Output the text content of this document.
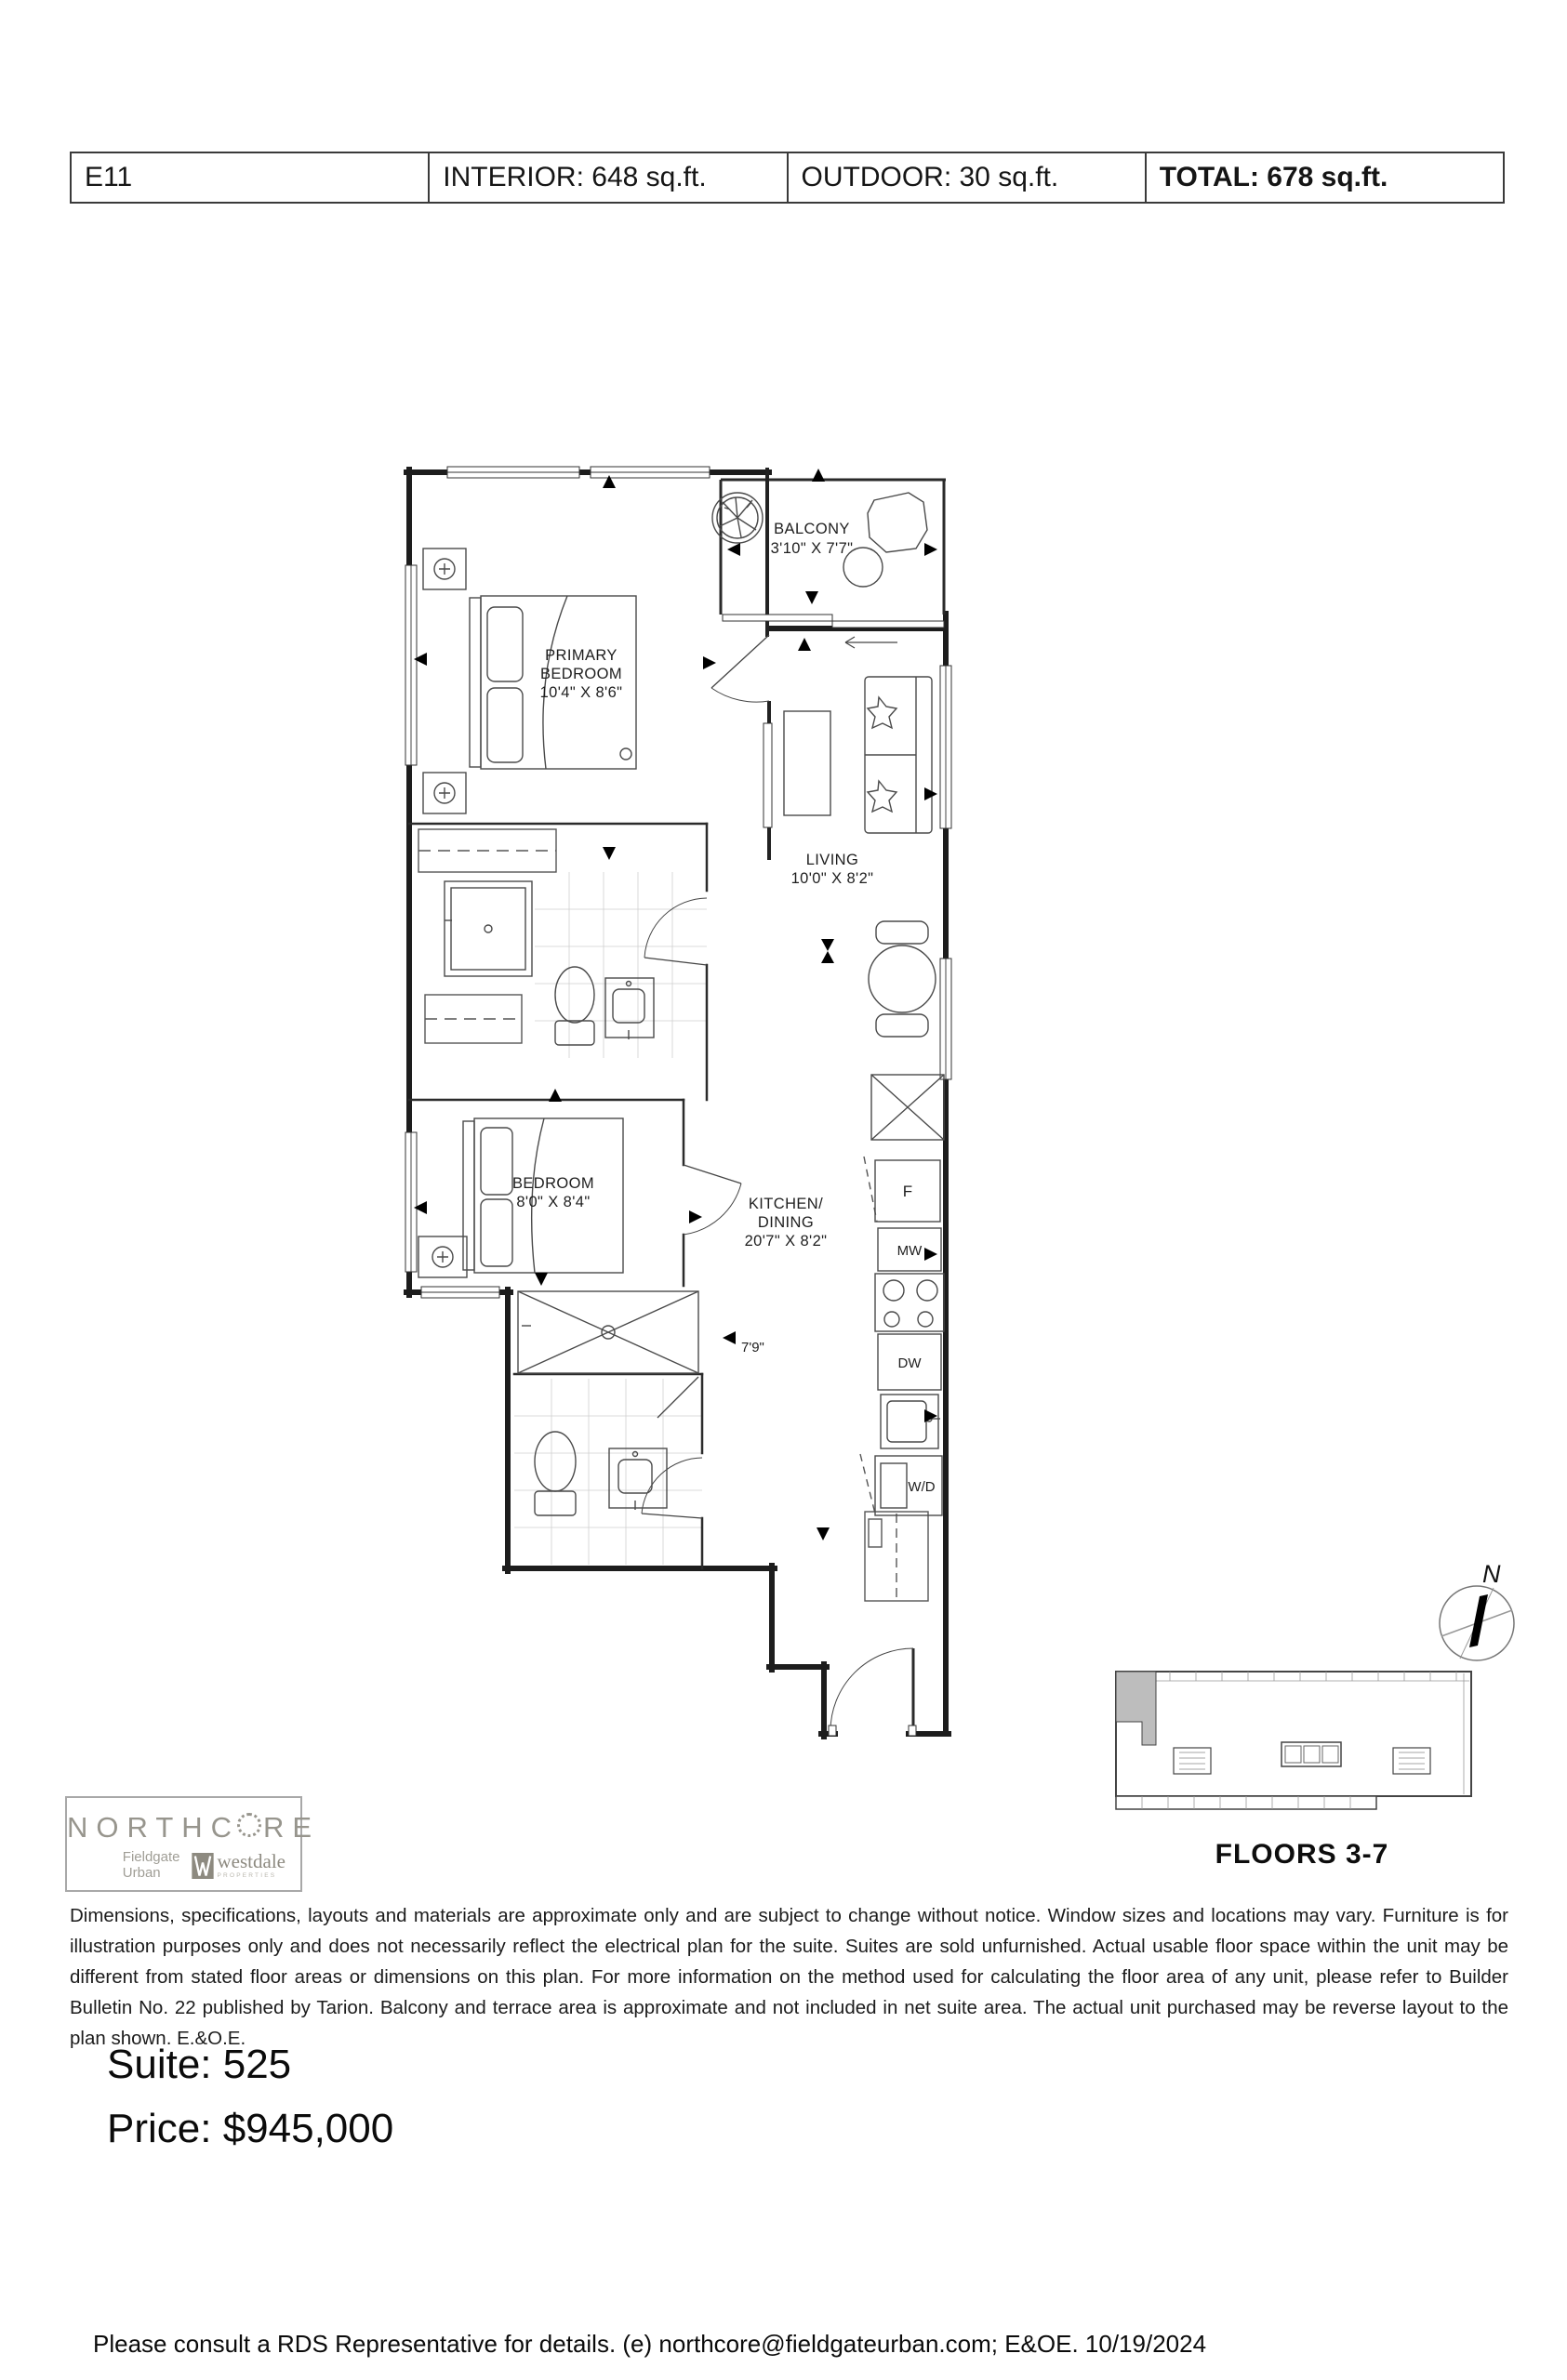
E11	INTERIOR: 648 sq.ft.	OUTDOOR: 30 sq.ft.	TOTAL: 678 sq.ft.
PRIMARY
BEDROOM
10'4" X 8'6"
BALCONY
3'10" X 7'7"
LIVING
10'0" X 8'2"
BEDROOM
8'0" X 8'4"	KITCHEN/
DINING
20'7" X 8'2"
7'9"
F
MW
DW
W/D
N
FLOORS 3-7
NORTHC RE
Fieldgate
Urban
westdale
PROPERTIES
Dimensions, specifications, layouts and materials are approximate only and are subject to change without notice. Window sizes and locations may vary. Furniture is for illustration purposes only and does not necessarily reflect the electrical plan for the suite. Suites are sold unfurnished. Actual usable floor space within the unit may be different from stated floor areas or dimensions on this plan. For more information on the method used for calculating the floor area of any unit, please refer to Builder Bulletin No. 22 published by Tarion. Balcony and terrace area is approximate and not included in net suite area. The actual unit purchased may be reverse layout to the plan shown. E.&O.E.
Suite: 525
Price: $945,000
Please consult a RDS Representative for details. (e) northcore@fieldgateurban.com; E&OE. 10/19/2024
